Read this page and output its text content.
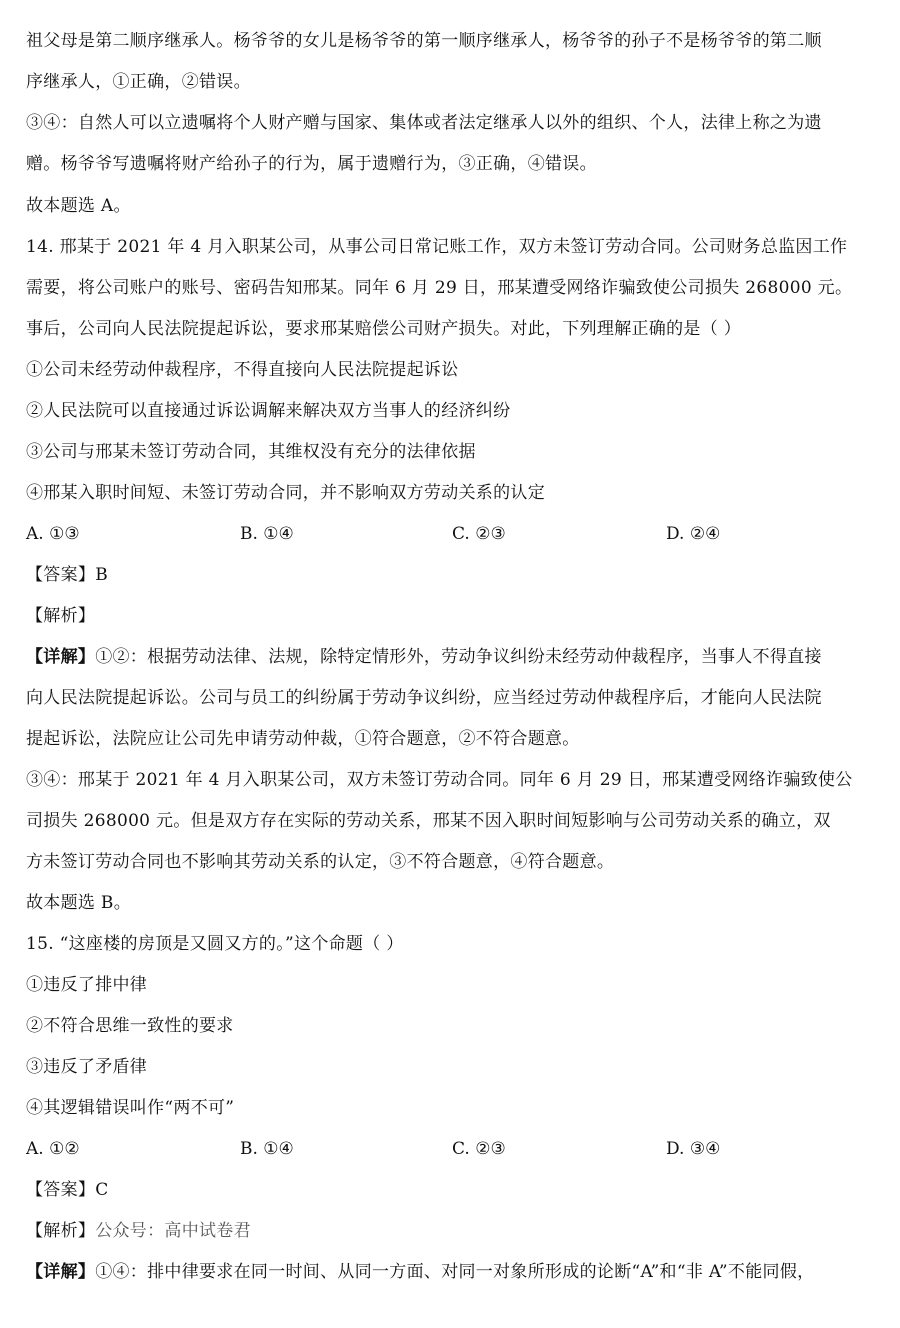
祖父母是第二顺序继承人。杨爷爷的女儿是杨爷爷的第一顺序继承人，杨爷爷的孙子不是杨爷爷的第二顺
序继承人，①正确，②错误。
③④：自然人可以立遗嘱将个人财产赠与国家、集体或者法定继承人以外的组织、个人，法律上称之为遗
赠。杨爷爷写遗嘱将财产给孙子的行为，属于遗赠行为，③正确，④错误。
故本题选 A。
14. 邢某于 2021 年 4 月入职某公司，从事公司日常记账工作，双方未签订劳动合同。公司财务总监因工作
需要，将公司账户的账号、密码告知邢某。同年 6 月 29 日，邢某遭受网络诈骗致使公司损失 268000 元。
事后，公司向人民法院提起诉讼，要求邢某赔偿公司财产损失。对此，下列理解正确的是（ ）
①公司未经劳动仲裁程序，不得直接向人民法院提起诉讼
②人民法院可以直接通过诉讼调解来解决双方当事人的经济纠纷
③公司与邢某未签订劳动合同，其维权没有充分的法律依据
④邢某入职时间短、未签订劳动合同，并不影响双方劳动关系的认定
A. ①③	B. ①④	C. ②③	D. ②④
【答案】B
【解析】
【详解】①②：根据劳动法律、法规，除特定情形外，劳动争议纠纷未经劳动仲裁程序，当事人不得直接
向人民法院提起诉讼。公司与员工的纠纷属于劳动争议纠纷，应当经过劳动仲裁程序后，才能向人民法院
提起诉讼，法院应让公司先申请劳动仲裁，①符合题意，②不符合题意。
③④：邢某于 2021 年 4 月入职某公司，双方未签订劳动合同。同年 6 月 29 日，邢某遭受网络诈骗致使公
司损失 268000 元。但是双方存在实际的劳动关系，邢某不因入职时间短影响与公司劳动关系的确立，双
方未签订劳动合同也不影响其劳动关系的认定，③不符合题意，④符合题意。
故本题选 B。
15. “这座楼的房顶是又圆又方的。”这个命题（ ）
①违反了排中律
②不符合思维一致性的要求
③违反了矛盾律
④其逻辑错误叫作“两不可”
A. ①②	B. ①④	C. ②③	D. ③④
【答案】C
【解析】公众号：高中试卷君
【详解】①④：排中律要求在同一时间、从同一方面、对同一对象所形成的论断“A”和“非 A”不能同假，
